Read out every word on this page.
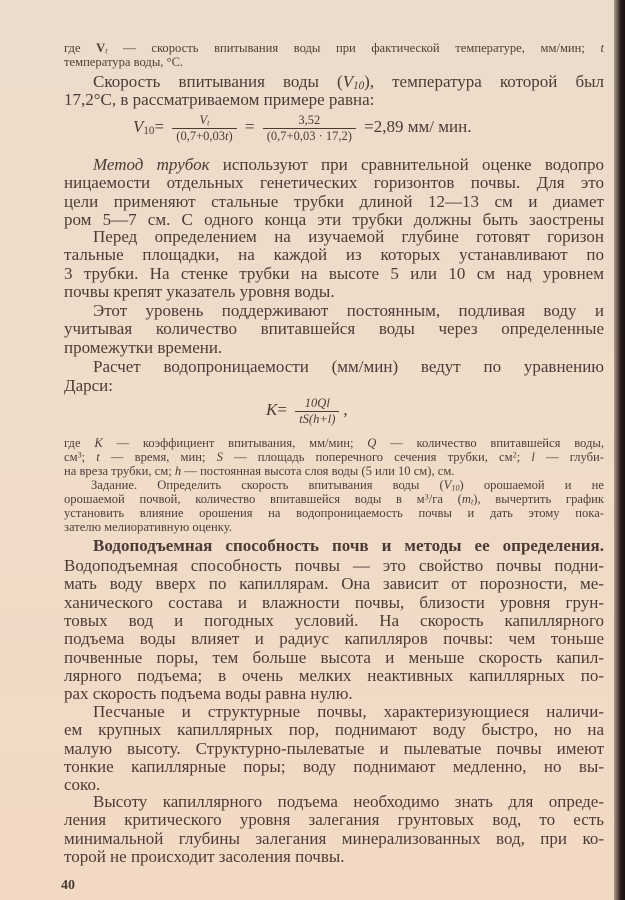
где $V_t$ — скорость впитывания воды при фактической температуре, мм/мин; t
температура воды, °С.
Скорость впитывания воды (V10), температура которой был
17,2°С, в рассматриваемом примере равна:
Метод трубок используют при сравнительной оценке водопро
ницаемости отдельных генетических горизонтов почвы. Для это
цели применяют стальные трубки длиной 12—13 см и диамет
ром 5—7 см. С одного конца эти трубки должны быть заострены
Перед определением на изучаемой глубине готовят горизон
тальные площадки, на каждой из которых устанавливают по
3 трубки. На стенке трубки на высоте 5 или 10 см над уровнем
почвы крепят указатель уровня воды.
Этот уровень поддерживают постоянным, подливая воду и
учитывая количество впитавшейся воды через определенные
промежутки времени.
Расчет водопроницаемости (мм/мин) ведут по уравнению
Дарси:
где K — коэффициент впитывания, мм/мин; Q — количество впитавшейся воды,
$см^3$; t — время, мин; S — площадь поперечного сечения трубки, $см^2$; l — глуби-
на вреза трубки, см; h — постоянная высота слоя воды (5 или 10 см), см.
Задание. Определить скорость впитывания воды $(V_{10})$ орошаемой и не
орошаемой почвой, количество впитавшейся воды в $м^3/га$ $(m_t)$, вычертить график
установить влияние орошения на водопроницаемость почвы и дать этому пока-
зателю мелиоративную оценку.
Водоподъемная способность почв и методы ее определения.
Водоподъемная способность почвы — это свойство почвы подни-
мать воду вверх по капиллярам. Она зависит от порозности, ме-
ханического состава и влажности почвы, близости уровня грун-
товых вод и погодных условий. На скорость капиллярного
подъема воды влияет и радиус капилляров почвы: чем тоньше
почвенные поры, тем больше высота и меньше скорость капил-
лярного подъема; в очень мелких неактивных капиллярных по-
рах скорость подъема воды равна нулю.
Песчаные и структурные почвы, характеризующиеся наличи-
ем крупных капиллярных пор, поднимают воду быстро, но на
малую высоту. Структурно-пылеватые и пылеватые почвы имеют
тонкие капиллярные поры; воду поднимают медленно, но вы-
соко.
Высоту капиллярного подъема необходимо знать для опреде-
ления критического уровня залегания грунтовых вод, то есть
минимальной глубины залегания минерализованных вод, при ко-
торой не происходит засоления почвы.
$V10= \frac{V_t}{(0,7+0,03t)} = \frac{3,52}{(0,7+0,03 \cdot 17,2)} =2,89$ мм/ мин.
$K= \frac{10Ql}{tS(h+l)}$ ,
40
